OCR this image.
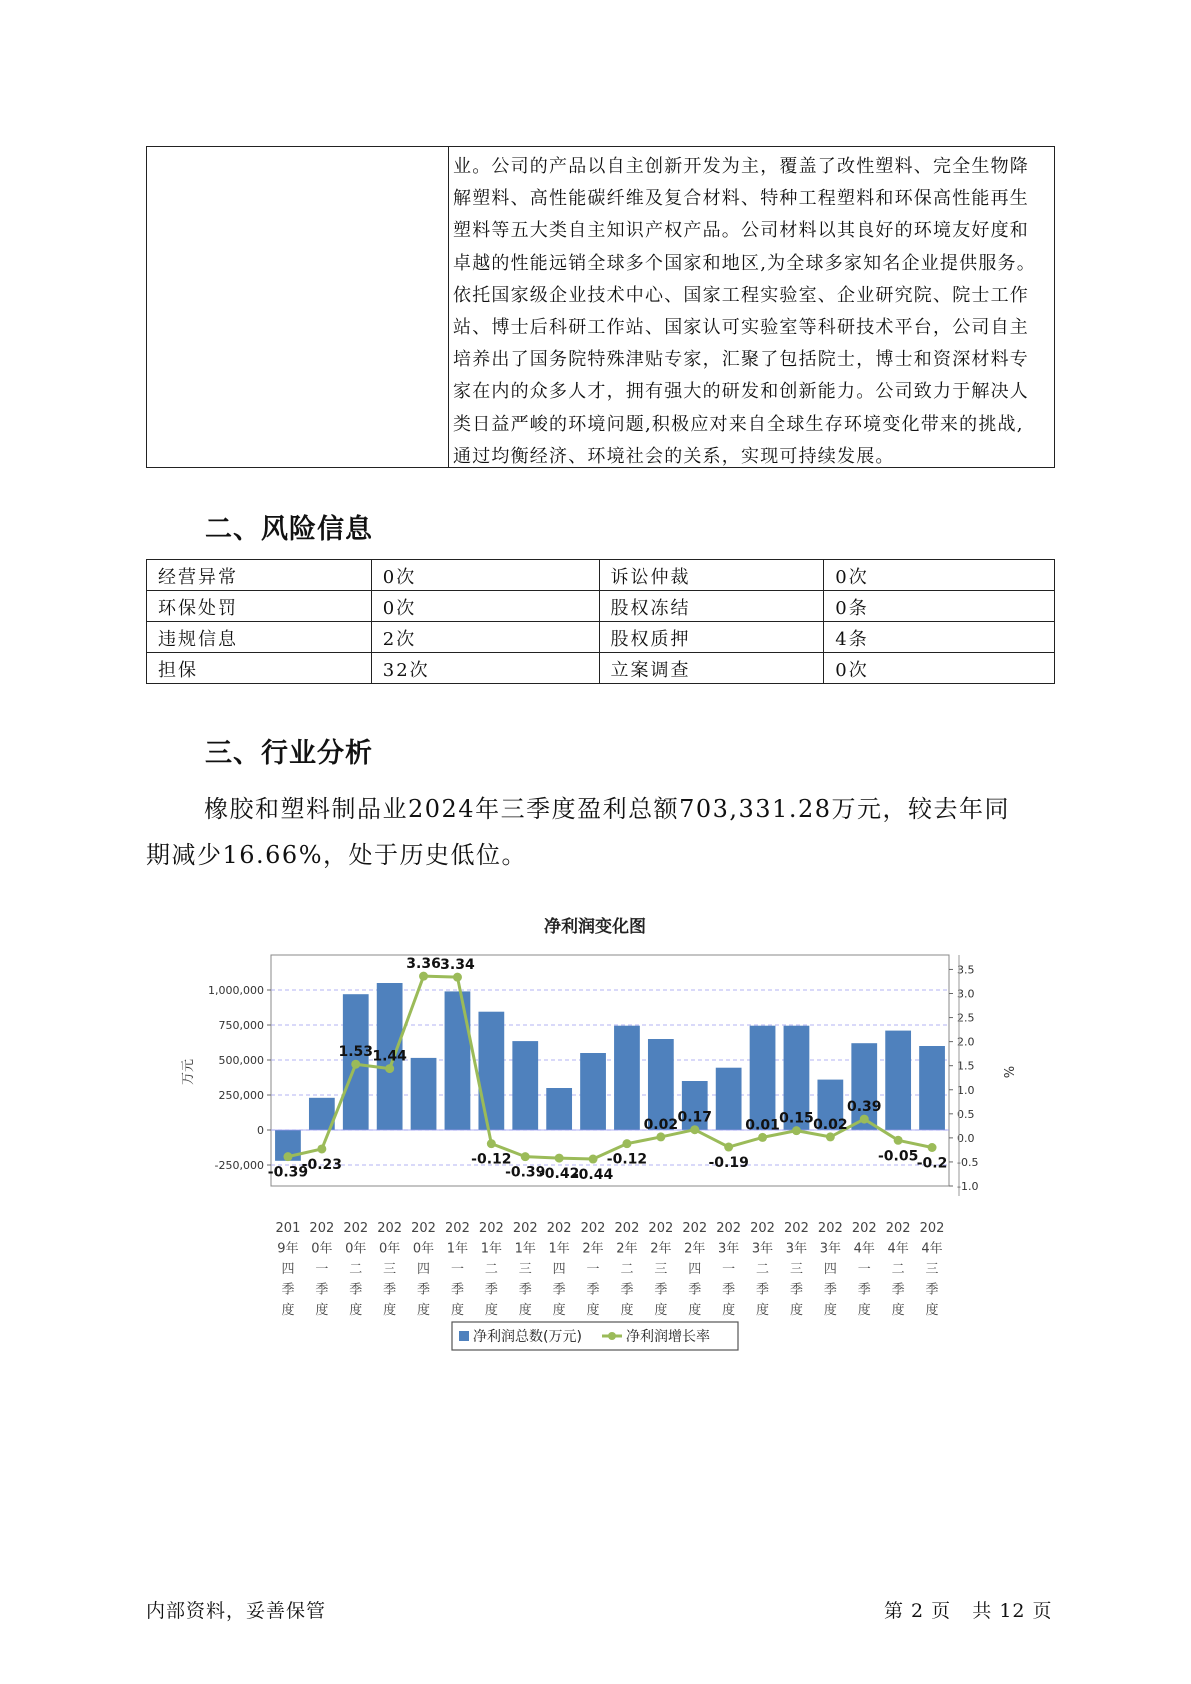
业。公司的产品以自主创新开发为主，覆盖了改性塑料、完全生物降
解塑料、高性能碳纤维及复合材料、特种工程塑料和环保高性能再生
塑料等五大类自主知识产权产品。公司材料以其良好的环境友好度和
卓越的性能远销全球多个国家和地区,为全球多家知名企业提供服务。
依托国家级企业技术中心、国家工程实验室、企业研究院、院士工作
站、博士后科研工作站、国家认可实验室等科研技术平台，公司自主
培养出了国务院特殊津贴专家，汇聚了包括院士，博士和资深材料专
家在内的众多人才，拥有强大的研发和创新能力。公司致力于解决人
类日益严峻的环境问题,积极应对来自全球生存环境变化带来的挑战,
通过均衡经济、环境社会的关系，实现可持续发展。
二、风险信息
经营异常	0次	诉讼仲裁	0次
环保处罚	0次	股权冻结	0条
违规信息	2次	股权质押	4条
担保	32次	立案调查	0次
三、行业分析
橡胶和塑料制品业2024年三季度盈利总额703,331.28万元，较去年同
期减少16.66%，处于历史低位。
净利润变化图
-250,000
0
250,000
500,000
750,000
1,000,000
-1.0
-0.5
0.0
0.5
1.0
1.5
2.0
2.5
3.0
3.5
万元	%
-0.39
-0.23
1.53 1.44
3.36 3.34
-0.12
-0.39
-0.42
-0.44
-0.12
0.02 0.17
-0.19
0.01 0.15 0.02
0.39
-0.05
-0.2
201
9年
四
季
度
202
0年
一
季
度
202
0年
二
季
度
202
0年
三
季
度
202
0年
四
季
度
202
1年
一
季
度
202
1年
二
季
度
202
1年
三
季
度
202
1年
四
季
度
202
2年
一
季
度
202
2年
二
季
度
202
2年
三
季
度
202
2年
四
季
度
202
3年
一
季
度
202
3年
二
季
度
202
3年
三
季
度
202
3年
四
季
度
202
4年
一
季
度
202
4年
二
季
度
202
4年
三
季
度
净利润总数(万元)	净利润增长率
内部资料，妥善保管	第 2 页   共 12 页
